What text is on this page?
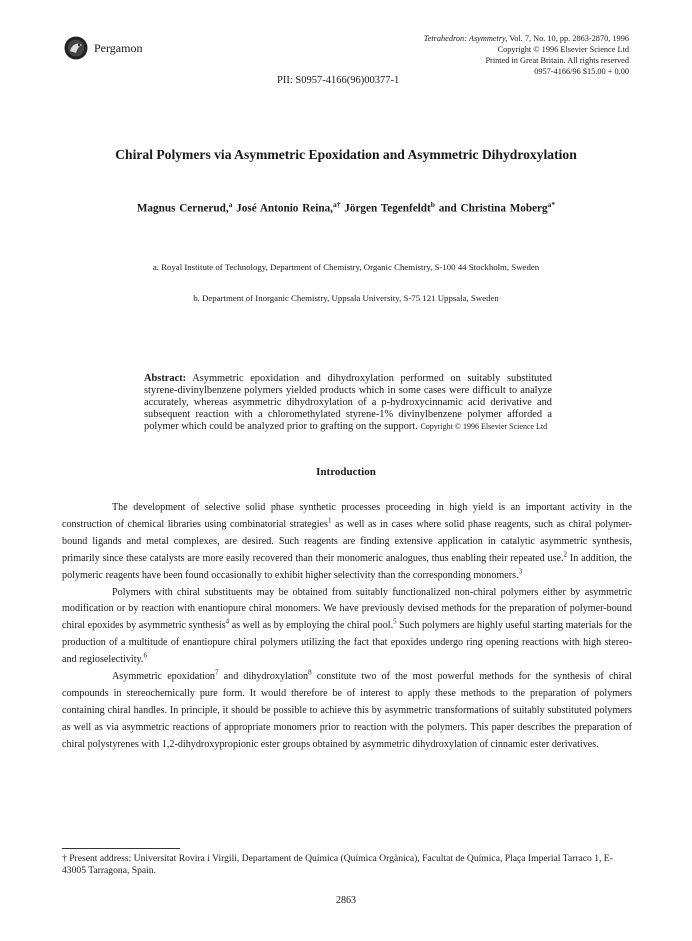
Pergamon
Tetrahedron: Asymmetry, Vol. 7, No. 10, pp. 2863-2870, 1996
Copyright © 1996 Elsevier Science Ltd
Printed in Great Britain. All rights reserved
0957-4166/96 $15.00 + 0.00
PII: S0957-4166(96)00377-1
Chiral Polymers via Asymmetric Epoxidation and Asymmetric Dihydroxylation
Magnus Cernerud,$^a$ José Antonio Reina,$^{a\dagger}$ Jörgen Tegenfeldt$^b$ and Christina Moberg$^{a*}$
a. Royal Institute of Technology, Department of Chemistry, Organic Chemistry, S-100 44 Stockholm, Sweden
b. Department of Inorganic Chemistry, Uppsala University, S-75 121 Uppsala, Sweden
Abstract: Asymmetric epoxidation and dihydroxylation performed on suitably substituted styrene-divinylbenzene polymers yielded products which in some cases were difficult to analyze accurately, whereas asymmetric dihydroxylation of a p-hydroxycinnamic acid derivative and subsequent reaction with a chloromethylated styrene-1% divinylbenzene polymer afforded a polymer which could be analyzed prior to grafting on the support. Copyright © 1996 Elsevier Science Ltd
Introduction

The development of selective solid phase synthetic processes proceeding in high yield is an important activity in the construction of chemical libraries using combinatorial strategies$^1$ as well as in cases where solid phase reagents, such as chiral polymer-bound ligands and metal complexes, are desired. Such reagents are finding extensive application in catalytic asymmetric synthesis, primarily since these catalysts are more easily recovered than their monomeric analogues, thus enabling their repeated use.$^2$ In addition, the polymeric reagents have been found occasionally to exhibit higher selectivity than the corresponding monomers.$^3$

Polymers with chiral substituents may be obtained from suitably functionalized non-chiral polymers either by asymmetric modification or by reaction with enantiopure chiral monomers. We have previously devised methods for the preparation of polymer-bound chiral epoxides by asymmetric synthesis$^4$ as well as by employing the chiral pool.$^5$ Such polymers are highly useful starting materials for the production of a multitude of enantiopure chiral polymers utilizing the fact that epoxides undergo ring opening reactions with high stereo- and regioselectivity.$^6$

Asymmetric epoxidation$^7$ and dihydroxylation$^8$ constitute two of the most powerful methods for the synthesis of chiral compounds in stereochemically pure form. It would therefore be of interest to apply these methods to the preparation of polymers containing chiral handles. In principle, it should be possible to achieve this by asymmetric transformations of suitably substituted polymers as well as via asymmetric reactions of appropriate monomers prior to reaction with the polymers. This paper describes the preparation of chiral polystyrenes with 1,2-dihydroxypropionic ester groups obtained by asymmetric dihydroxylation of cinnamic ester derivatives.

† Present address: Universitat Rovira i Virgili, Departament de Química (Química Orgànica), Facultat de Química, Plaça Imperial Tarraco 1, E-43005 Tarragona, Spain.
2863
